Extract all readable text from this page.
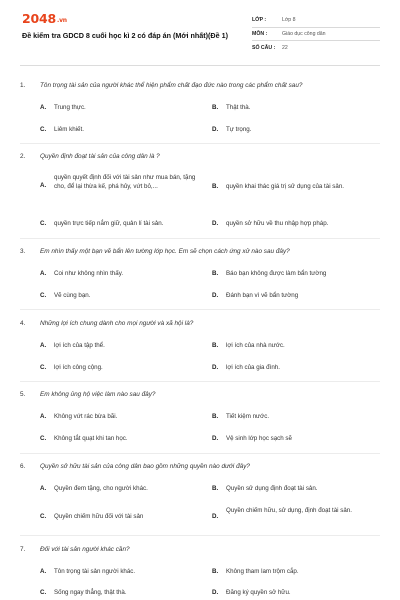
2048.vn
Đề kiểm tra GDCD 8 cuối học kì 2 có đáp án (Mới nhất)(Đề 1)
LỚP :	Lớp 8
MÔN :	Giáo dục công dân
SỐ CÂU :	22
1.	Tôn trọng tài sản của người khác thể hiện phẩm chất đạo đức nào trong các phẩm chất sau?
A.	Trung thực.	B.	Thật thà.
C.	Liêm khiết.	D.	Tự trọng.
2.	Quyền định đoạt tài sản của công dân là ?
A.
quyền quyết định đối với tài sản như mua bán, tặng cho, để lại thừa kế, phá hủy, vứt bỏ,...	B.	quyền khai thác giá trị sử dụng của tài sản.
C.	quyền trực tiếp nắm giữ, quản lí tài sản.	D.	quyền sở hữu về thu nhập hợp pháp.
3.	Em nhìn thấy một bạn vẽ bẩn lên tường lớp học. Em sẽ chọn cách ứng xử nào sau đây?
A.	Coi như không nhìn thấy.	B.	Báo bạn không được làm bẩn tường
C.	Vẽ cùng bạn.	D.	Đánh bạn vì vẽ bẩn tường
4.	Những lợi ích chung dành cho mọi người và xã hội là?
A.	lợi ích của tập thể.	B.	lợi ích của nhà nước.
C.	lợi ích công cộng.	D.	lợi ích của gia đình.
5.	Em không ủng hộ việc làm nào sau đây?
A.	Không vứt rác bừa bãi.	B.	Tiết kiệm nước.
C.	Không tắt quạt khi tan học.	D.	Vệ sinh lớp học sạch sẽ
6.	Quyền sở hữu tài sản của công dân bao gồm những quyền nào dưới đây?
A.	Quyền đem tặng, cho người khác.	B.	Quyền sử dụng định đoạt tài sản.
C.	Quyền chiếm hữu đối với tài sản	D.
Quyền chiếm hữu, sử dụng, định đoạt tài sản.
7.	Đối với tài sản người khác cần?
A.	Tôn trọng tài sản người khác.	B.	Không tham lam trộm cắp.
C.	Sống ngay thẳng, thật thà.	D.	Đăng ký quyền sở hữu.
